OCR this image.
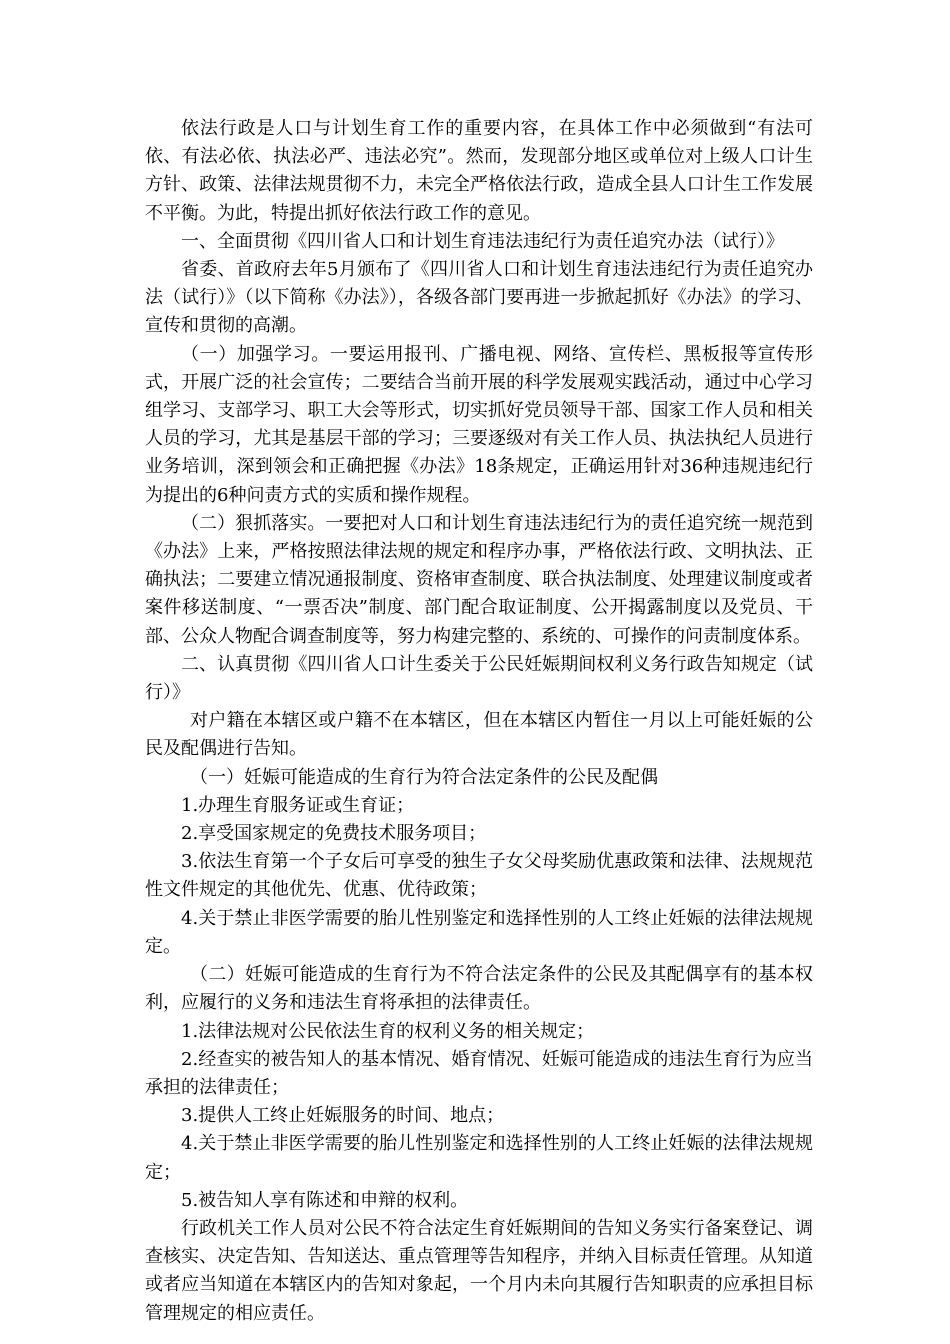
依法行政是人口与计划生育工作的重要内容，在具体工作中必须做到“有法可依、有法必依、执法必严、违法必究”。然而，发现部分地区或单位对上级人口计生方针、政策、法律法规贯彻不力，未完全严格依法行政，造成全县人口计生工作发展不平衡。为此，特提出抓好依法行政工作的意见。

一、全面贯彻《四川省人口和计划生育违法违纪行为责任追究办法（试行）》

省委、首政府去年5月颁布了《四川省人口和计划生育违法违纪行为责任追究办法（试行）》（以下简称《办法》），各级各部门要再进一步掀起抓好《办法》的学习、宣传和贯彻的高潮。

（一）加强学习。一要运用报刊、广播电视、网络、宣传栏、黑板报等宣传形式，开展广泛的社会宣传；二要结合当前开展的科学发展观实践活动，通过中心学习组学习、支部学习、职工大会等形式，切实抓好党员领导干部、国家工作人员和相关人员的学习，尤其是基层干部的学习；三要逐级对有关工作人员、执法执纪人员进行业务培训，深到领会和正确把握《办法》18条规定，正确运用针对36种违规违纪行为提出的6种问责方式的实质和操作规程。

（二）狠抓落实。一要把对人口和计划生育违法违纪行为的责任追究统一规范到《办法》上来，严格按照法律法规的规定和程序办事，严格依法行政、文明执法、正确执法；二要建立情况通报制度、资格审查制度、联合执法制度、处理建议制度或者案件移送制度、“一票否决”制度、部门配合取证制度、公开揭露制度以及党员、干部、公众人物配合调查制度等，努力构建完整的、系统的、可操作的问责制度体系。

二、认真贯彻《四川省人口计生委关于公民妊娠期间权利义务行政告知规定（试行）》

对户籍在本辖区或户籍不在本辖区，但在本辖区内暂住一月以上可能妊娠的公民及配偶进行告知。

（一）妊娠可能造成的生育行为符合法定条件的公民及配偶

1.办理生育服务证或生育证；

2.享受国家规定的免费技术服务项目；

3.依法生育第一个子女后可享受的独生子女父母奖励优惠政策和法律、法规规范性文件规定的其他优先、优惠、优待政策；

4.关于禁止非医学需要的胎儿性别鉴定和选择性别的人工终止妊娠的法律法规规定。

（二）妊娠可能造成的生育行为不符合法定条件的公民及其配偶享有的基本权利，应履行的义务和违法生育将承担的法律责任。

1.法律法规对公民依法生育的权利义务的相关规定；

2.经查实的被告知人的基本情况、婚育情况、妊娠可能造成的违法生育行为应当承担的法律责任；

3.提供人工终止妊娠服务的时间、地点；

4.关于禁止非医学需要的胎儿性别鉴定和选择性别的人工终止妊娠的法律法规规定；

5.被告知人享有陈述和申辩的权利。

行政机关工作人员对公民不符合法定生育妊娠期间的告知义务实行备案登记、调查核实、决定告知、告知送达、重点管理等告知程序，并纳入目标责任管理。从知道或者应当知道在本辖区内的告知对象起，一个月内未向其履行告知职责的应承担目标管理规定的相应责任。
